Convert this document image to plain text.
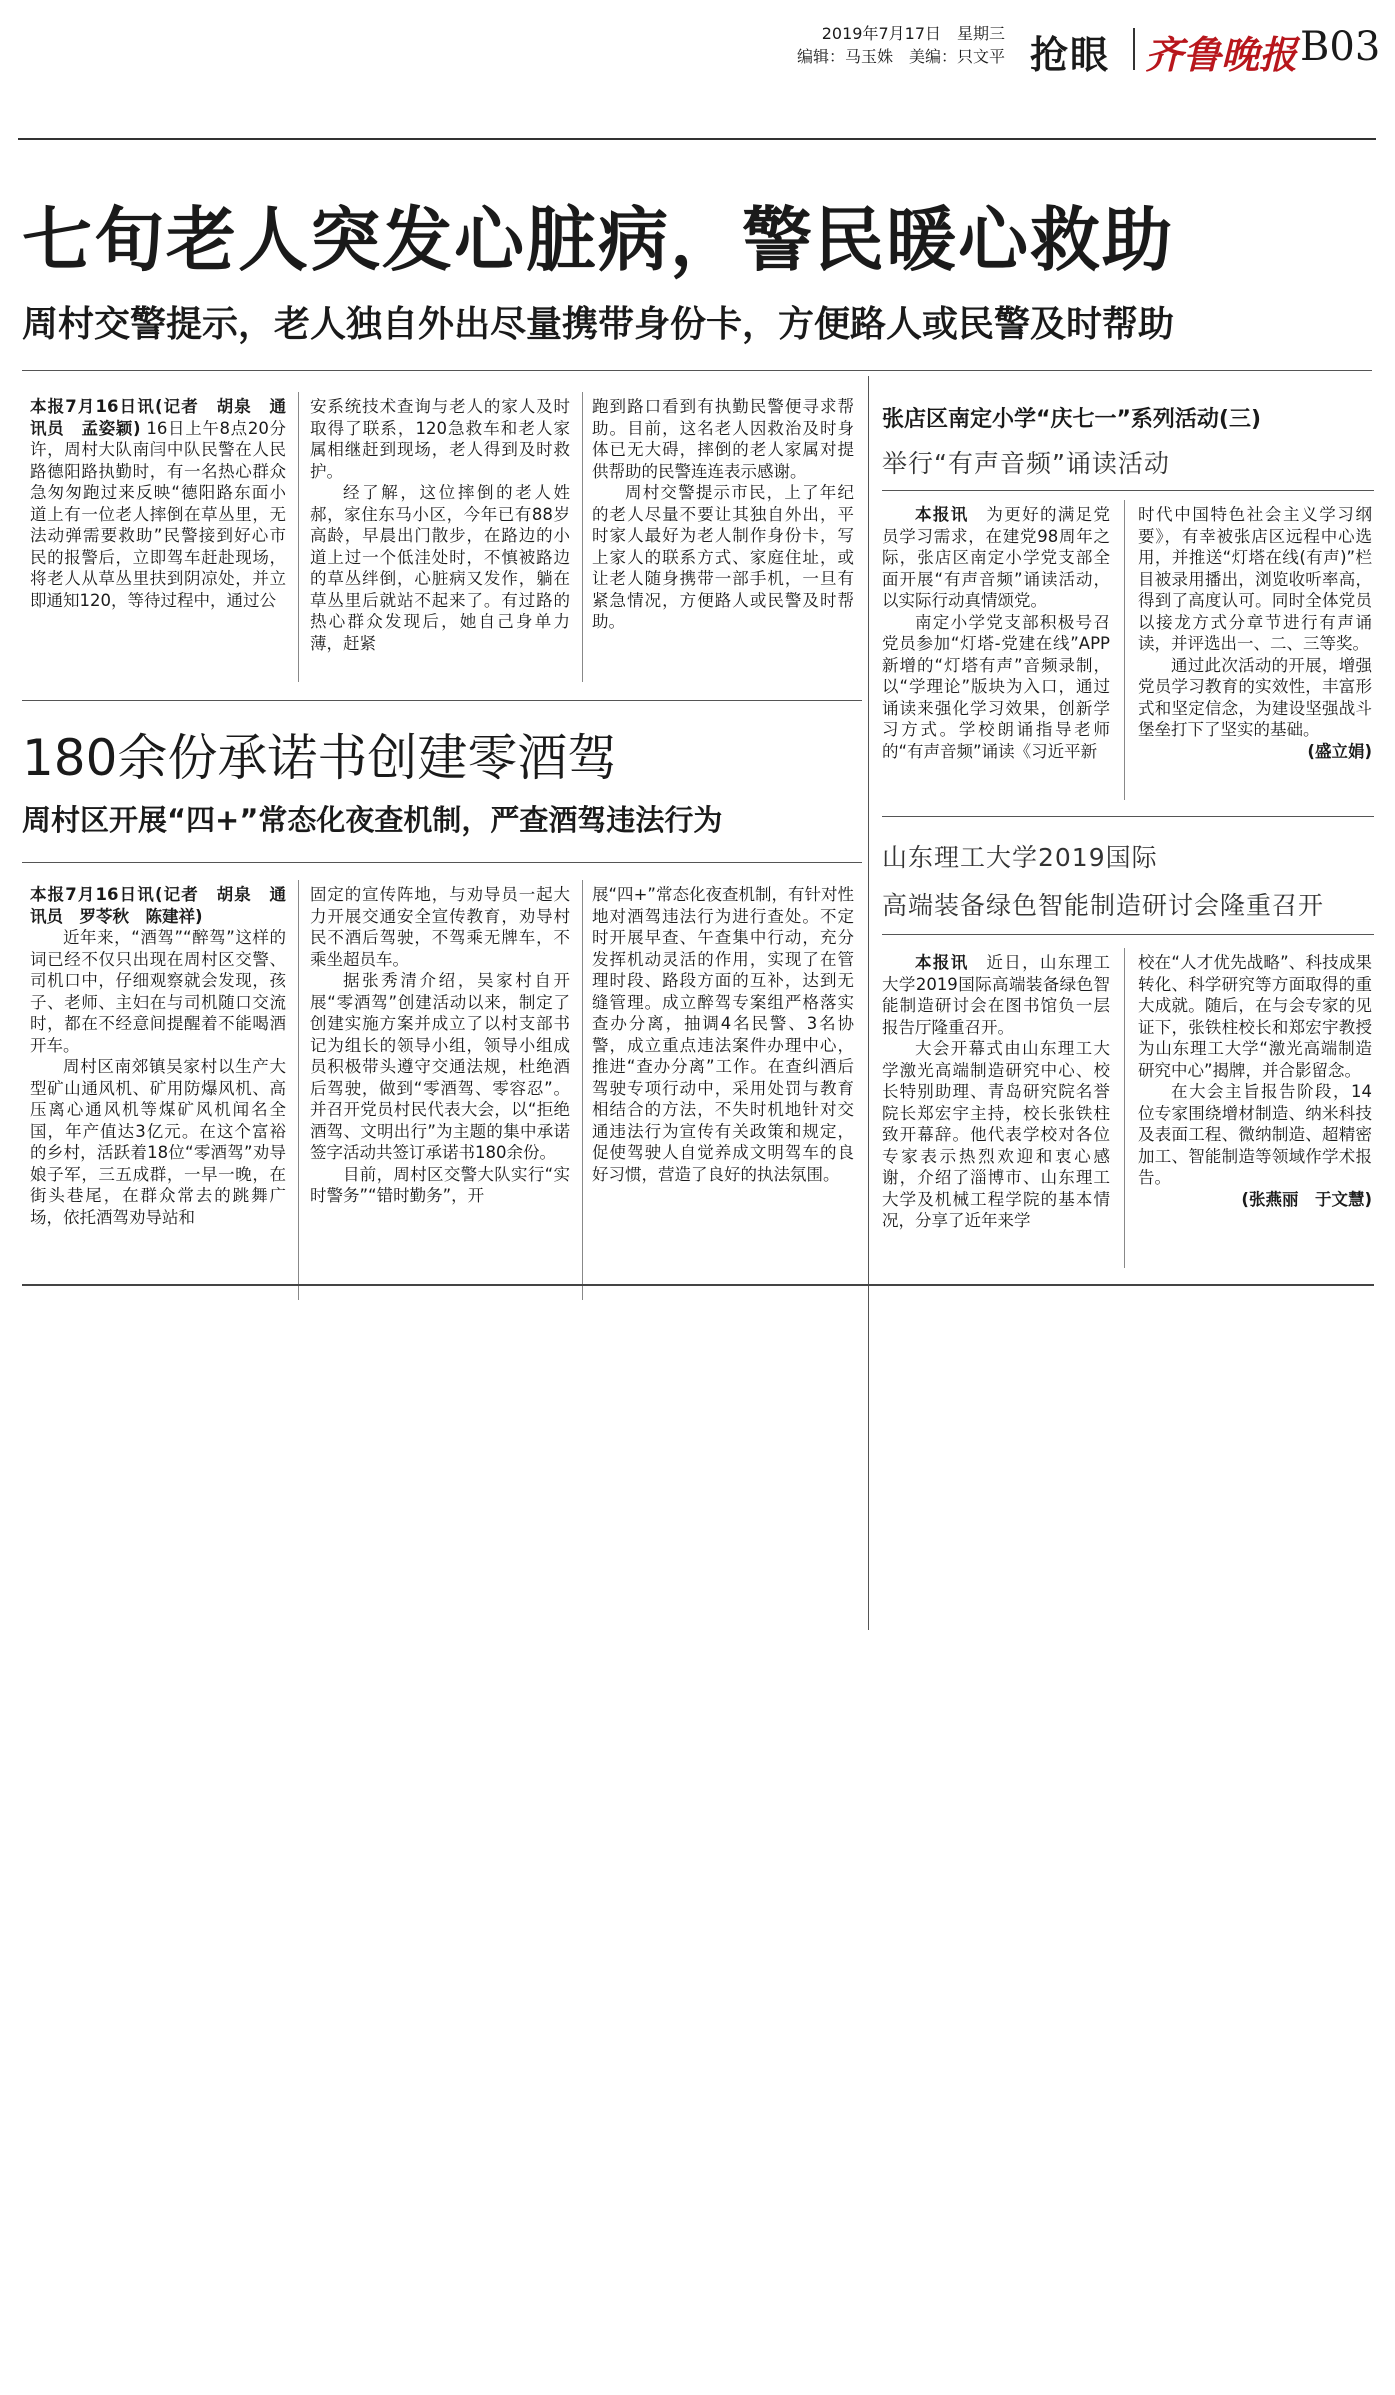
2019年7月17日　星期三
编辑：马玉姝　美编：只文平 抢眼 齐鲁晚报 B03
七旬老人突发心脏病，警民暖心救助
周村交警提示，老人独自外出尽量携带身份卡，方便路人或民警及时帮助

本报7月16日讯(记者　胡泉　通讯员　孟姿颖) 16日上午8点20分许，周村大队南闫中队民警在人民路德阳路执勤时，有一名热心群众急匆匆跑过来反映“德阳路东面小道上有一位老人摔倒在草丛里，无法动弹需要救助”民警接到好心市民的报警后，立即驾车赶赴现场，将老人从草丛里扶到阴凉处，并立即通知120，等待过程中，通过公

安系统技术查询与老人的家人及时取得了联系，120急救车和老人家属相继赶到现场，老人得到及时救护。

经了解，这位摔倒的老人姓郝，家住东马小区，今年已有88岁高龄，早晨出门散步，在路边的小道上过一个低洼处时，不慎被路边的草丛绊倒，心脏病又发作，躺在草丛里后就站不起来了。有过路的热心群众发现后，她自己身单力薄，赶紧

跑到路口看到有执勤民警便寻求帮助。目前，这名老人因救治及时身体已无大碍，摔倒的老人家属对提供帮助的民警连连表示感谢。

周村交警提示市民，上了年纪的老人尽量不要让其独自外出，平时家人最好为老人制作身份卡，写上家人的联系方式、家庭住址，或让老人随身携带一部手机，一旦有紧急情况，方便路人或民警及时帮助。

180余份承诺书创建零酒驾
周村区开展“四+”常态化夜查机制，严查酒驾违法行为

本报7月16日讯(记者　胡泉　通讯员　罗苓秋　陈建祥)

近年来，“酒驾”“醉驾”这样的词已经不仅只出现在周村区交警、司机口中，仔细观察就会发现，孩子、老师、主妇在与司机随口交流时，都在不经意间提醒着不能喝酒开车。

周村区南郊镇吴家村以生产大型矿山通风机、矿用防爆风机、高压离心通风机等煤矿风机闻名全国，年产值达3亿元。在这个富裕的乡村，活跃着18位“零酒驾”劝导娘子军，三五成群，一早一晚，在街头巷尾，在群众常去的跳舞广场，依托酒驾劝导站和

固定的宣传阵地，与劝导员一起大力开展交通安全宣传教育，劝导村民不酒后驾驶，不驾乘无牌车，不乘坐超员车。

据张秀清介绍，吴家村自开展“零酒驾”创建活动以来，制定了创建实施方案并成立了以村支部书记为组长的领导小组，领导小组成员积极带头遵守交通法规，杜绝酒后驾驶，做到“零酒驾、零容忍”。并召开党员村民代表大会，以“拒绝酒驾、文明出行”为主题的集中承诺签字活动共签订承诺书180余份。

目前，周村区交警大队实行“实时警务”“错时勤务”，开

展“四+”常态化夜查机制，有针对性地对酒驾违法行为进行查处。不定时开展早查、午查集中行动，充分发挥机动灵活的作用，实现了在管理时段、路段方面的互补，达到无缝管理。成立醉驾专案组严格落实查办分离，抽调4名民警、3名协警，成立重点违法案件办理中心，推进“查办分离”工作。在查纠酒后驾驶专项行动中，采用处罚与教育相结合的方法，不失时机地针对交通违法行为宣传有关政策和规定，促使驾驶人自觉养成文明驾车的良好习惯，营造了良好的执法氛围。

张店区南定小学“庆七一”系列活动(三)
举行“有声音频”诵读活动

本报讯　 为更好的满足党员学习需求，在建党98周年之际，张店区南定小学党支部全面开展“有声音频”诵读活动，以实际行动真情颂党。

南定小学党支部积极号召党员参加“灯塔-党建在线”APP新增的“灯塔有声”音频录制，以“学理论”版块为入口，通过诵读来强化学习效果，创新学习方式。学校朗诵指导老师的“有声音频”诵读《习近平新

时代中国特色社会主义学习纲要》，有幸被张店区远程中心选用，并推送“灯塔在线(有声)”栏目被录用播出，浏览收听率高，得到了高度认可。同时全体党员以接龙方式分章节进行有声诵读，并评选出一、二、三等奖。

通过此次活动的开展，增强党员学习教育的实效性，丰富形式和坚定信念，为建设坚强战斗堡垒打下了坚实的基础。

(盛立娟)
山东理工大学2019国际
高端装备绿色智能制造研讨会隆重召开

本报讯　 近日，山东理工大学2019国际高端装备绿色智能制造研讨会在图书馆负一层报告厅隆重召开。

大会开幕式由山东理工大学激光高端制造研究中心、校长特别助理、青岛研究院名誉院长郑宏宇主持，校长张铁柱致开幕辞。他代表学校对各位专家表示热烈欢迎和衷心感谢，介绍了淄博市、山东理工大学及机械工程学院的基本情况，分享了近年来学

校在“人才优先战略”、科技成果转化、科学研究等方面取得的重大成就。随后，在与会专家的见证下，张铁柱校长和郑宏宇教授为山东理工大学“激光高端制造研究中心”揭牌，并合影留念。

在大会主旨报告阶段，14位专家围绕增材制造、纳米科技及表面工程、微纳制造、超精密加工、智能制造等领域作学术报告。

(张燕丽　于文慧)
